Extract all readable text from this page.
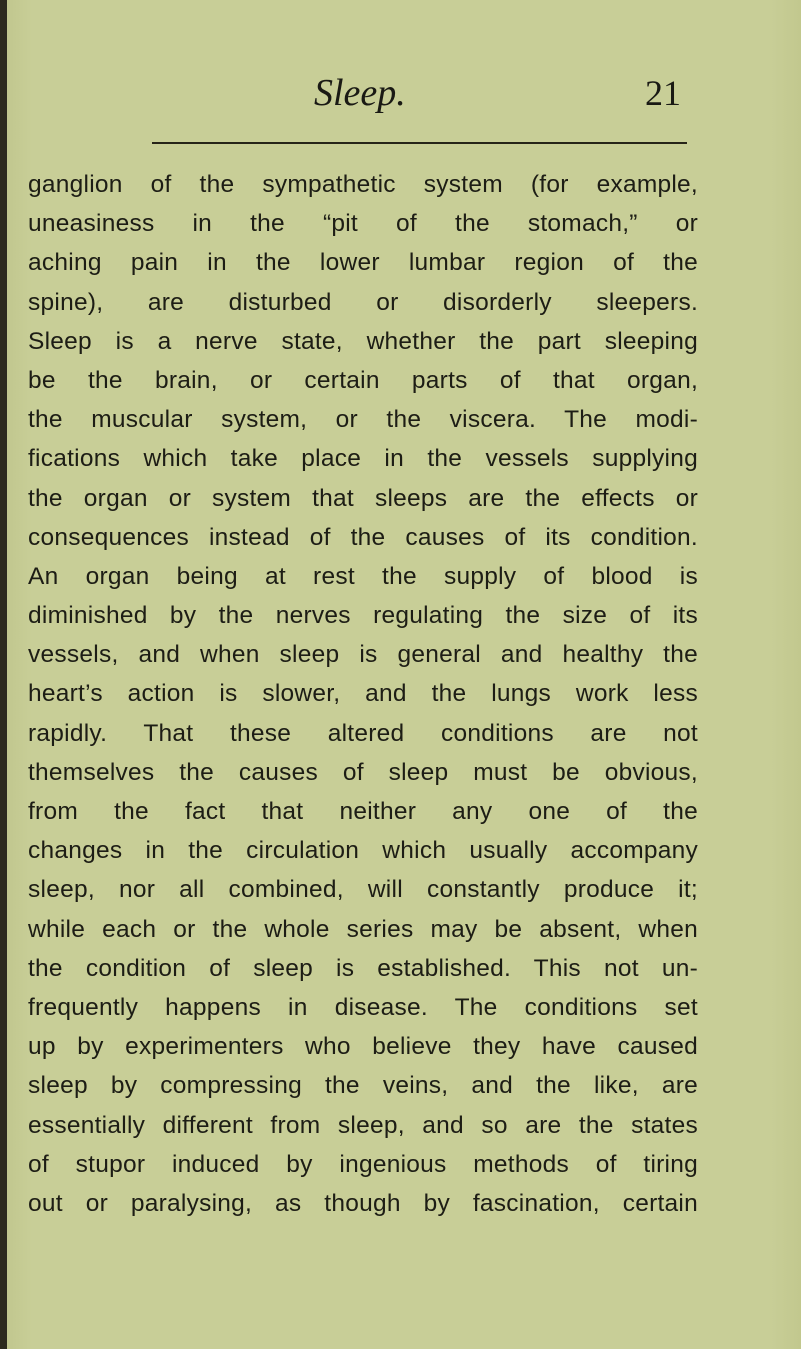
Sleep.	21
ganglion of the sympathetic system (for example,
uneasiness in the “pit of the stomach,” or
aching pain in the lower lumbar region of the
spine), are disturbed or disorderly sleepers.
Sleep is a nerve state, whether the part sleeping
be the brain, or certain parts of that organ,
the muscular system, or the viscera. The modi-
fications which take place in the vessels supplying
the organ or system that sleeps are the effects or
consequences instead of the causes of its condition.
An organ being at rest the supply of blood is
diminished by the nerves regulating the size of its
vessels, and when sleep is general and healthy the
heart’s action is slower, and the lungs work less
rapidly. That these altered conditions are not
themselves the causes of sleep must be obvious,
from the fact that neither any one of the
changes in the circulation which usually accompany
sleep, nor all combined, will constantly produce it;
while each or the whole series may be absent, when
the condition of sleep is established. This not un-
frequently happens in disease. The conditions set
up by experimenters who believe they have caused
sleep by compressing the veins, and the like, are
essentially different from sleep, and so are the states
of stupor induced by ingenious methods of tiring
out or paralysing, as though by fascination, certain
